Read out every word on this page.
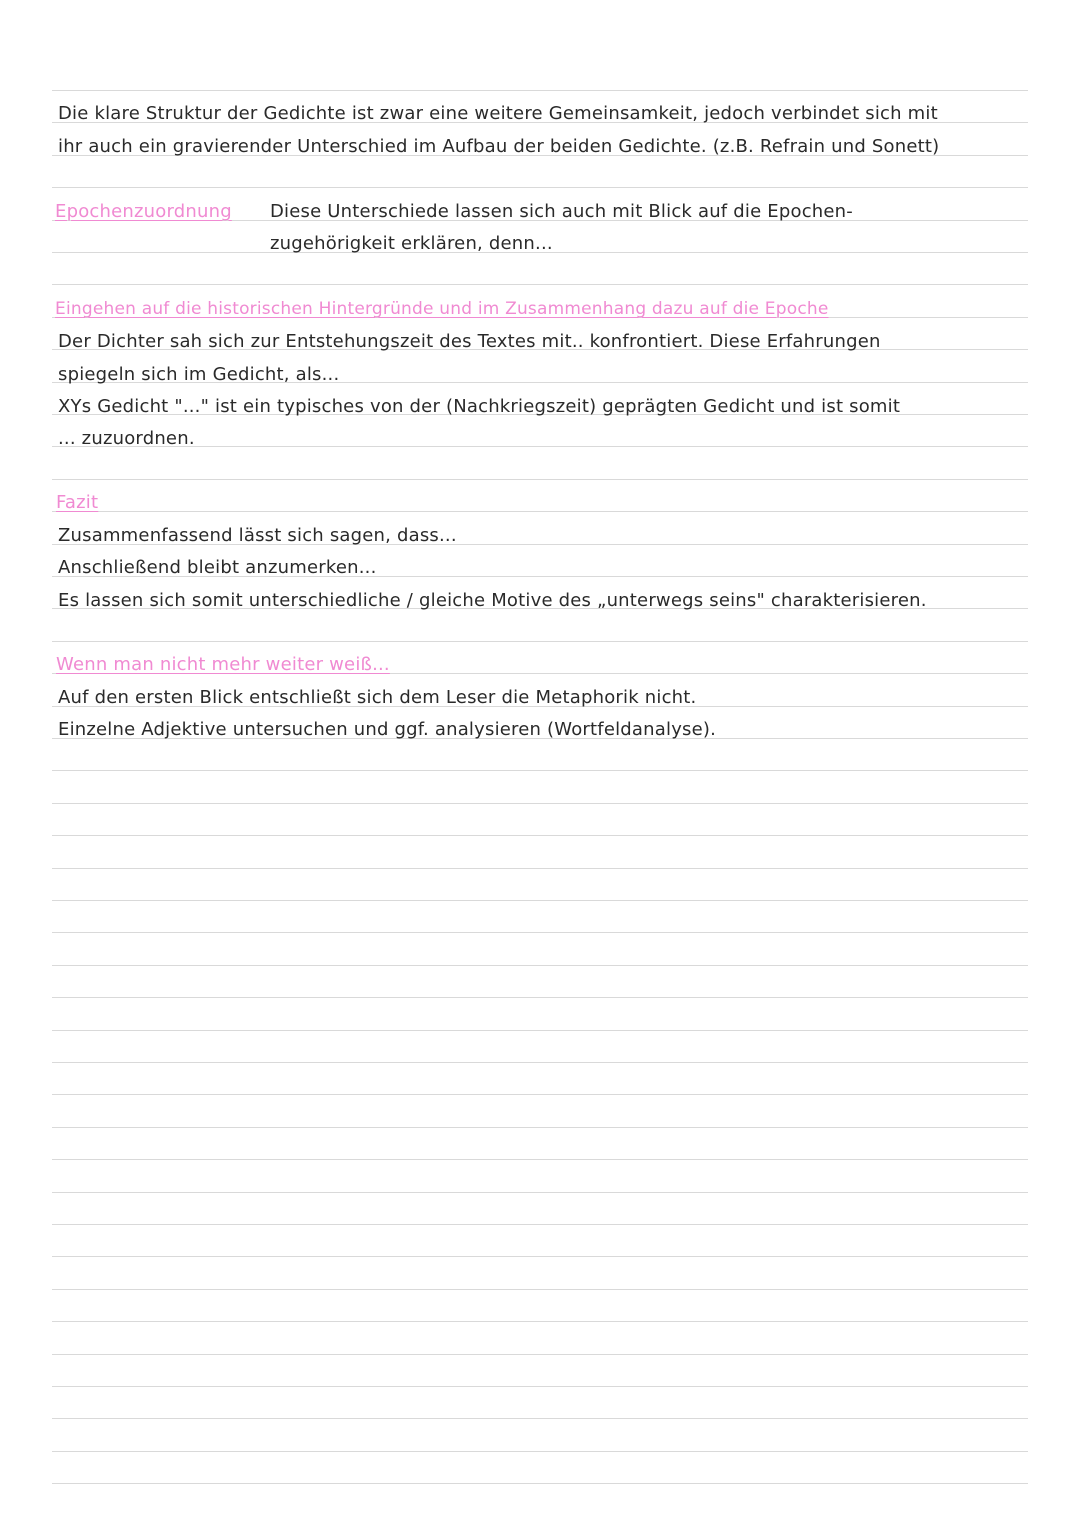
Die klare Struktur der Gedichte ist zwar eine weitere Gemeinsamkeit, jedoch verbindet sich mit
ihr auch ein gravierender Unterschied im Aufbau der beiden Gedichte. (z.B. Refrain und Sonett)
Epochenzuordnung Diese Unterschiede lassen sich auch mit Blick auf die Epochen-
zugehörigkeit erklären, denn...
Eingehen auf die historischen Hintergründe und im Zusammenhang dazu auf die Epoche
Der Dichter sah sich zur Entstehungszeit des Textes mit.. konfrontiert. Diese Erfahrungen
spiegeln sich im Gedicht, als...
XYs Gedicht "..." ist ein typisches von der (Nachkriegszeit) geprägten Gedicht und ist somit
... zuzuordnen.
Fazit
Zusammenfassend lässt sich sagen, dass...
Anschließend bleibt anzumerken...
Es lassen sich somit unterschiedliche / gleiche Motive des „unterwegs seins" charakterisieren.
Wenn man nicht mehr weiter weiß...
Auf den ersten Blick entschließt sich dem Leser die Metaphorik nicht.
Einzelne Adjektive untersuchen und ggf. analysieren (Wortfeldanalyse).
